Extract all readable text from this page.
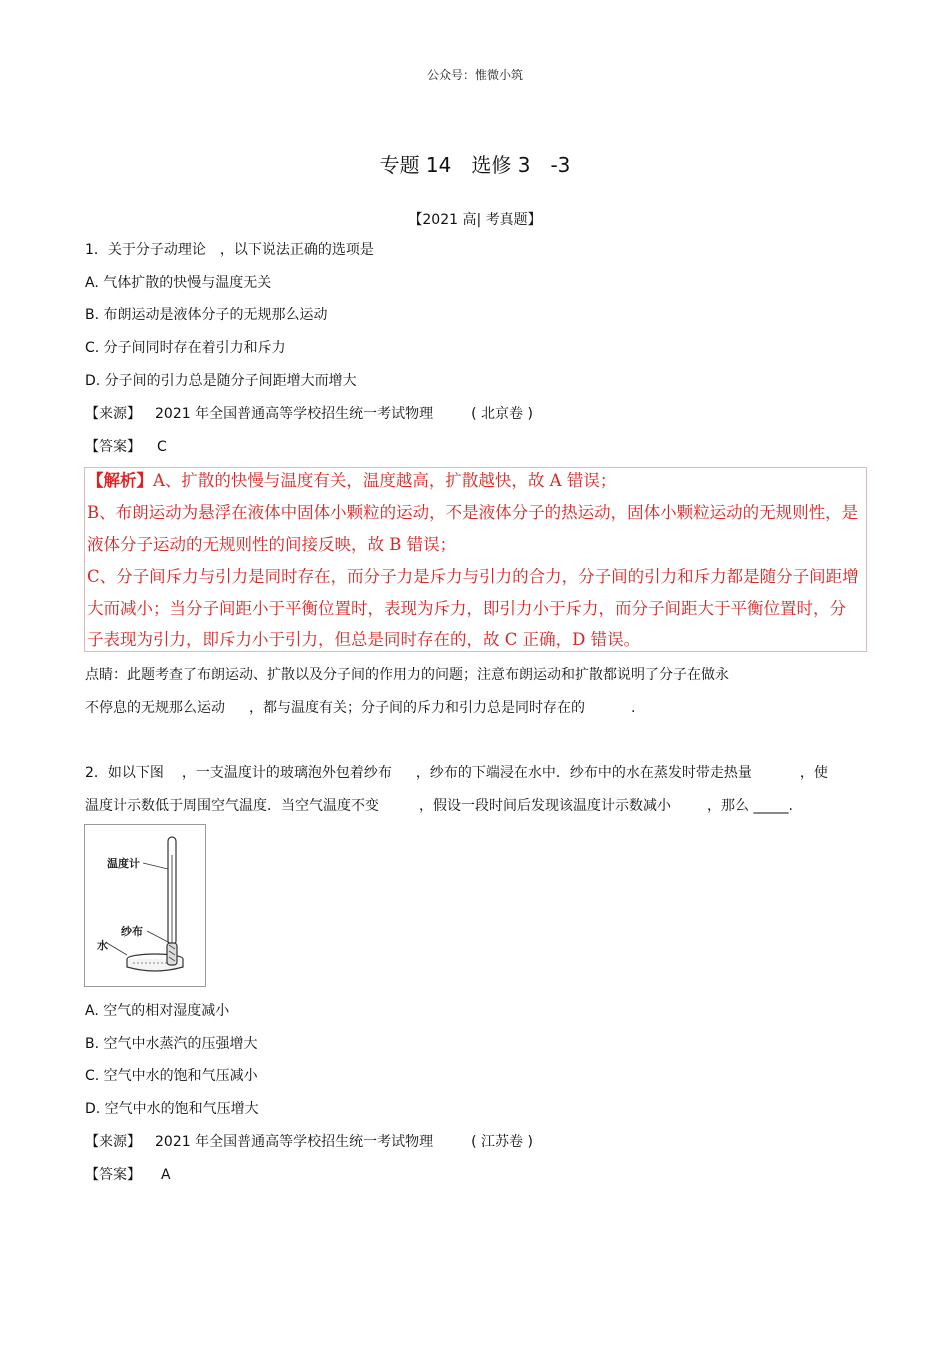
公众号：惟微小筑
专题 14　选修 3　-3
【2021 高| 考真题】
1．关于分子动理论 ，以下说法正确的选项是
A. 气体扩散的快慢与温度无关
B. 布朗运动是液体分子的无规那么运动
C. 分子间同时存在着引力和斥力
D. 分子间的引力总是随分子间距增大而增大
【来源】 2021 年全国普通高等学校招生统一考试物理	( 北京卷 )
【答案】 C
【解析】A、扩散的快慢与温度有关，温度越高，扩散越快，故 A 错误；
B、布朗运动为悬浮在液体中固体小颗粒的运动，不是液体分子的热运动，固体小颗粒运动的无规则性，是
液体分子运动的无规则性的间接反映，故 B 错误；
C、分子间斥力与引力是同时存在，而分子力是斥力与引力的合力，分子间的引力和斥力都是随分子间距增
大而减小；当分子间距小于平衡位置时，表现为斥力，即引力小于斥力，而分子间距大于平衡位置时，分
子表现为引力，即斥力小于引力，但总是同时存在的，故 C 正确，D 错误。
点睛：此题考查了布朗运动、扩散以及分子间的作用力的问题；注意布朗运动和扩散都说明了分子在做永
不停息的无规那么运动 ，都与温度有关；分子间的斥力和引力总是同时存在的	.
2．如以下图 ，一支温度计的玻璃泡外包着纱布 ，纱布的下端浸在水中．纱布中的水在蒸发时带走热量	，使
温度计示数低于周围空气温度．当空气温度不变	，假设一段时间后发现该温度计示数减小	，那么 _____.
温度计
纱布
水
A. 空气的相对湿度减小
B. 空气中水蒸汽的压强增大
C. 空气中水的饱和气压减小
D. 空气中水的饱和气压增大
【来源】 2021 年全国普通高等学校招生统一考试物理	( 江苏卷 )
【答案】 A
